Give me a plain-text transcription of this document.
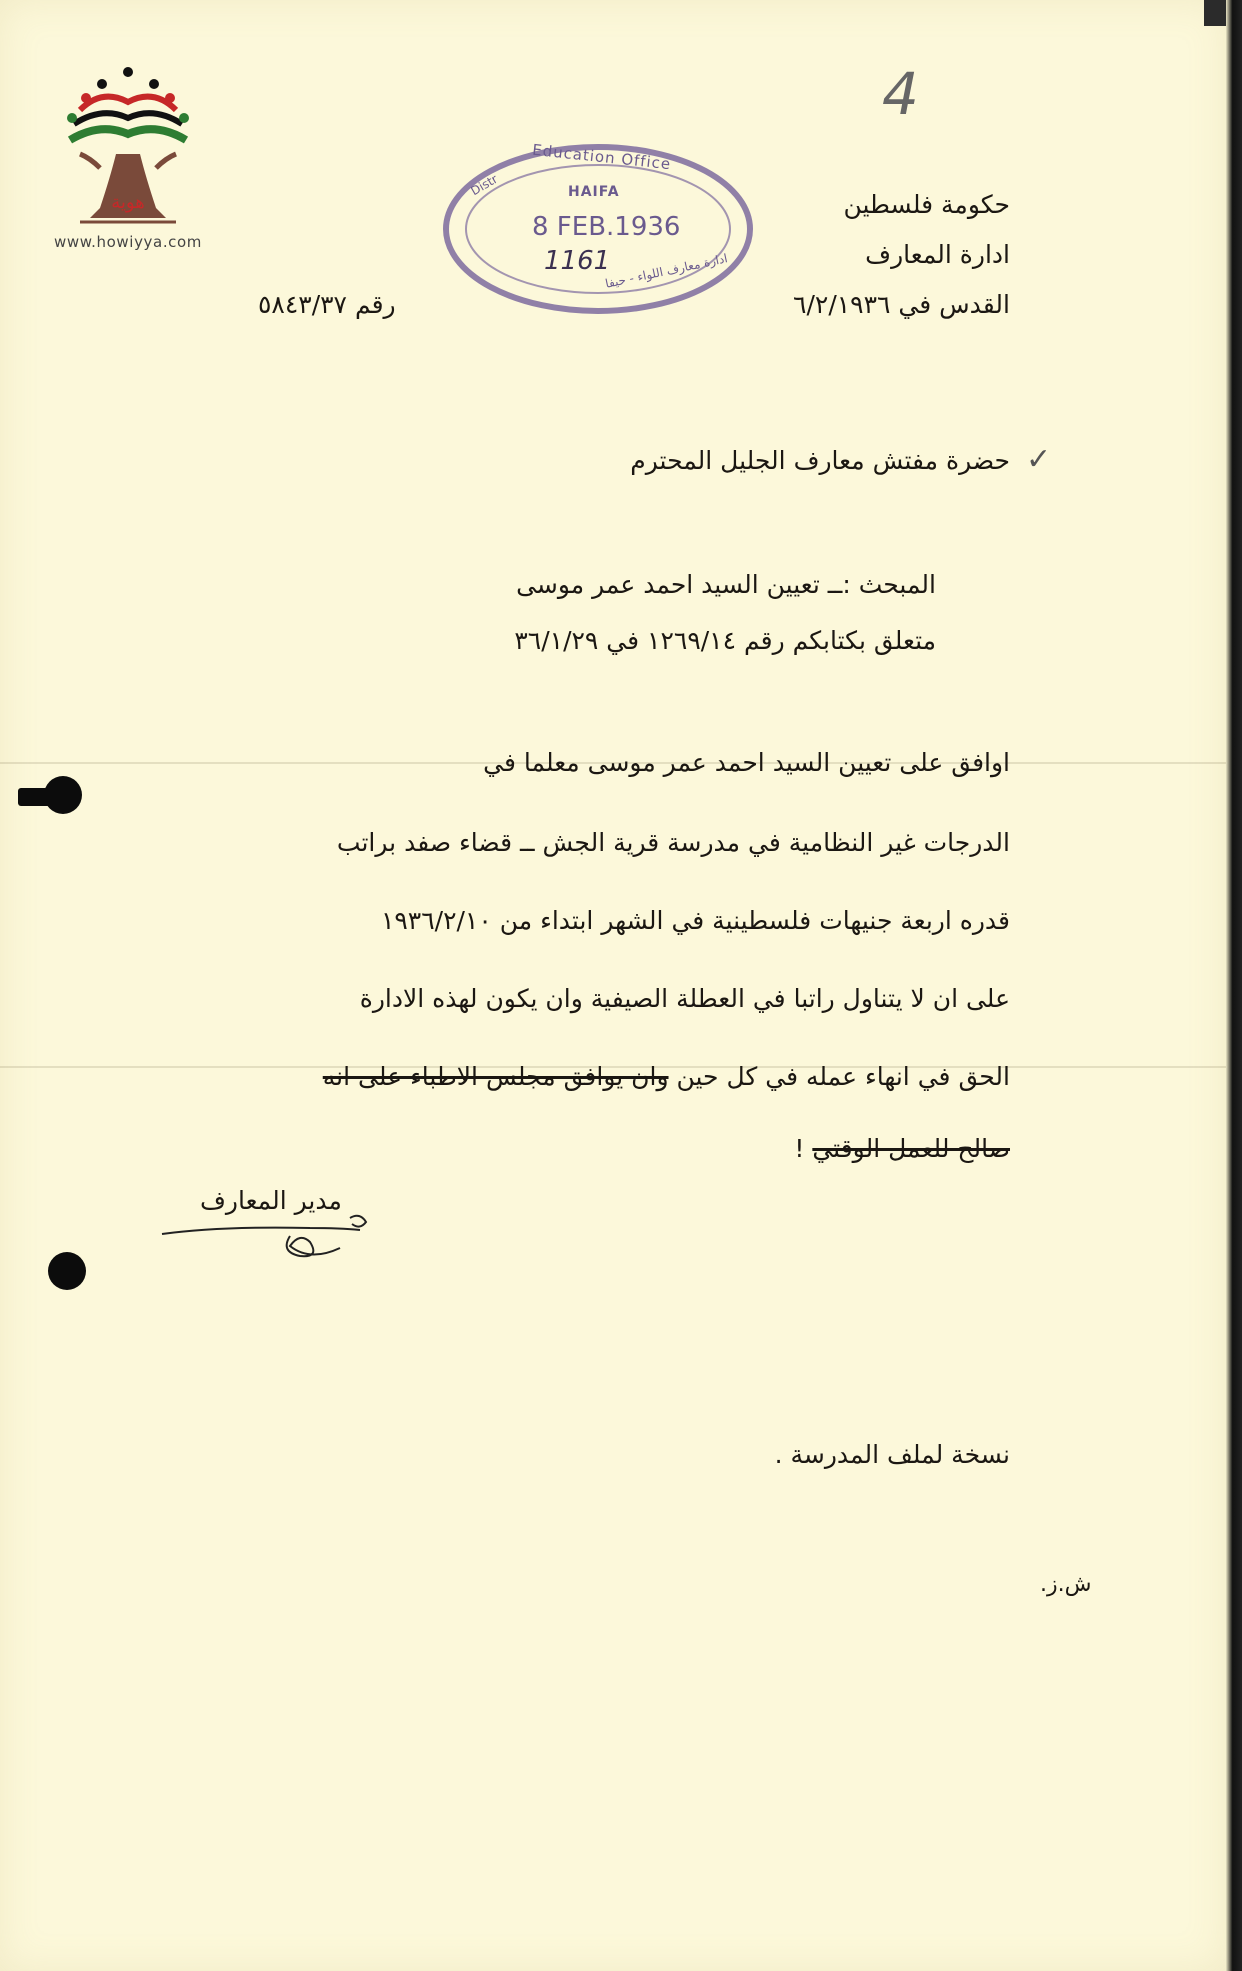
هوية
www.howiyya.com
4
Education Office
Distr	HAIFA
8 FEB.1936
1161
ادارة معارف اللواء - حيفا
حكومة فلسطين
ادارة المعارف
القدس في ٦/٢/١٩٣٦
رقم ٥٨٤٣/٣٧
✓
حضرة مفتش معارف الجليل المحترم
المبحث :ــ تعيين السيد احمد عمر موسى
متعلق بكتابكم رقم ١٢٦٩/١٤ في ٣٦/١/٢٩
اوافق على تعيين السيد احمد عمر موسى معلما في
الدرجات غير النظامية في مدرسة قرية الجش ــ قضاء صفد براتب
قدره اربعة جنيهات فلسطينية في الشهر ابتداء من ١٩٣٦/٢/١٠
على ان لا يتناول راتبا في العطلة الصيفية وان يكون لهذه الادارة
الحق في انهاء عمله في كل حين وان يوافق مجلس الاطباء على انه
صالح للعمل الوقتي !
مدير المعارف
نسخة لملف المدرسة .
ش.ز.
